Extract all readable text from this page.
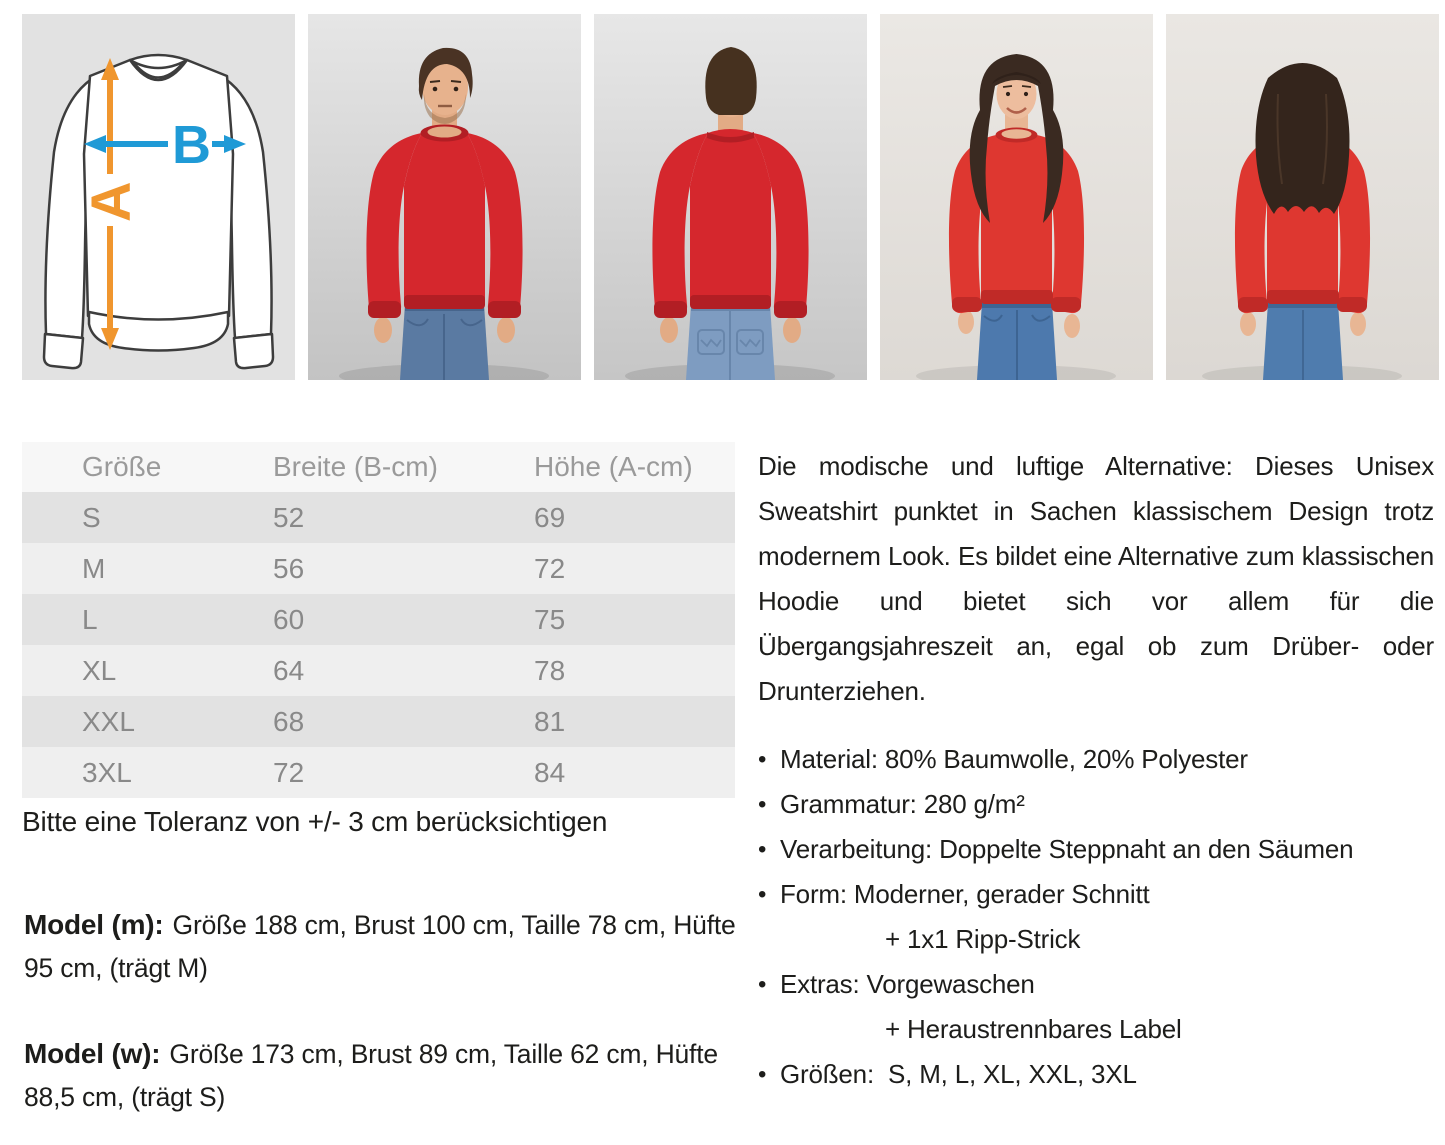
A
B
Größe	Breite (B-cm)	Höhe (A-cm)
S	52	69
M	56	72
L	60	75
XL	64	78
XXL	68	81
3XL	72	84

Bitte eine Toleranz von +/- 3 cm berücksichtigen

Model (m): Größe 188 cm, Brust 100 cm, Taille 78 cm, Hüfte 95 cm, (trägt M)

Model (w): Größe 173 cm, Brust 89 cm, Taille 62 cm, Hüfte 88,5 cm, (trägt S)

Die modische und luftige Alternative: Dieses Unisex Sweatshirt punktet in Sachen klassischem Design trotz modernem Look. Es bildet eine Alternative zum klassischen Hoodie und bietet sich vor allem für die Übergangsjahreszeit an, egal ob zum Drüber- oder Drunterziehen.

• Material: 80% Baumwolle, 20% Polyester
• Grammatur: 280 g/m²
• Verarbeitung: Doppelte Steppnaht an den Säumen
• Form: Moderner, gerader Schnitt
+ 1x1 Ripp-Strick
• Extras: Vorgewaschen
+ Heraustrennbares Label
• Größen:  S, M, L, XL, XXL, 3XL
